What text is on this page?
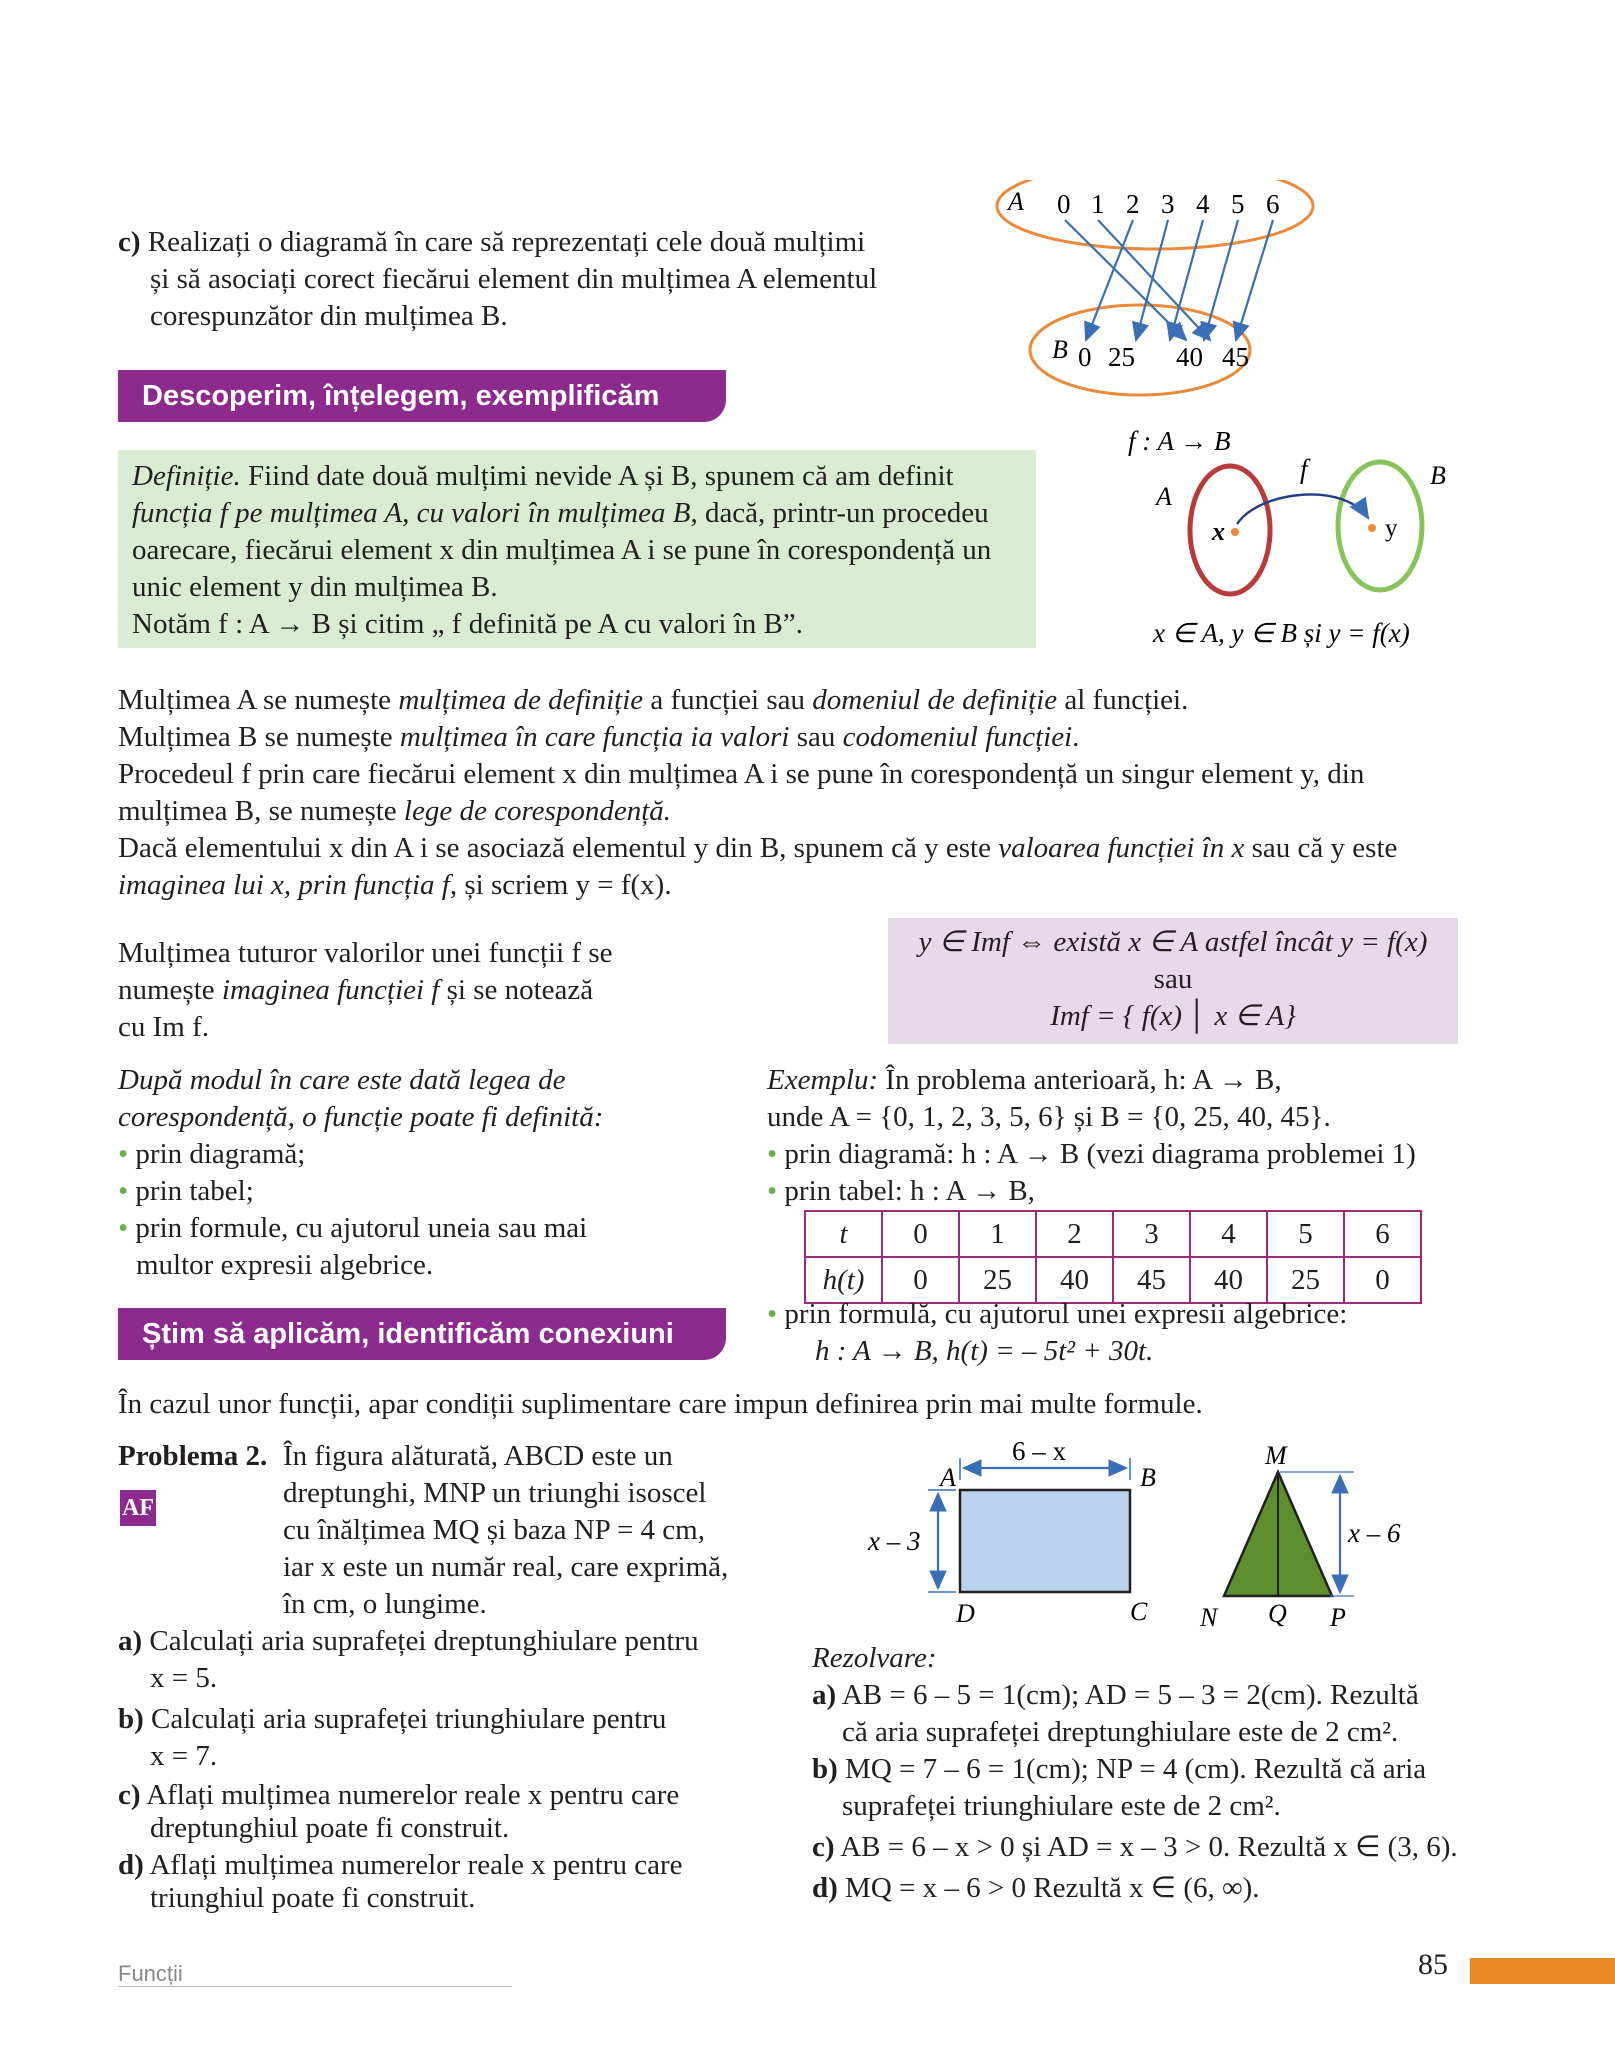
c) Realizați o diagramă în care să reprezentați cele două mulțimi

și să asociați corect fiecărui element din mulțimea A elementul

corespunzător din mulțimea B.

A
B
0 1 2 3 4 5 6
0 25 40 45
Descoperim, înțelegem, exemplificăm

Definiție. Fiind date două mulțimi nevide A și B, spunem că am definit

funcția f pe mulțimea A, cu valori în mulțimea B, dacă, printr-un procedeu

oarecare, fiecărui element x din mulțimea A i se pune în corespondență un

unic element y din mulțimea B.

Notăm f : A → B și citim „ f definită pe A cu valori în B”.

f : A → B
A
B
f
x	y
x ∈ A, y ∈ B și y = f(x)

Mulțimea A se numește mulțimea de definiție a funcției sau domeniul de definiție al funcției.

Mulțimea B se numește mulțimea în care funcția ia valori sau codomeniul funcției.

Procedeul f prin care fiecărui element x din mulțimea A i se pune în corespondență un singur element y, din

mulțimea B, se numește lege de corespondență.

Dacă elementului x din A i se asociază elementul y din B, spunem că y este valoarea funcției în x sau că y este

imaginea lui x, prin funcția f, și scriem y = f(x).

Mulțimea tuturor valorilor unei funcții f se

numește imaginea funcției f și se notează

cu Im f.

y ∈ Imf ⇔ există x ∈ A astfel încât y = f(x)

sau

Imf = { f(x) │ x ∈ A}

După modul în care este dată legea de

corespondență, o funcție poate fi definită:

• prin diagramă;

• prin tabel;

• prin formule, cu ajutorul uneia sau mai

multor expresii algebrice.

Exemplu: În problema anterioară, h: A → B,

unde A = {0, 1, 2, 3, 5, 6} și B = {0, 25, 40, 45}.

• prin diagramă: h : A → B (vezi diagrama problemei 1)

• prin tabel: h : A → B,

t	0	1	2	3	4	5	6
h(t)	0	25	40	45	40	25	0

• prin formulă, cu ajutorul unei expresii algebrice:

h : A → B, h(t) = – 5t² + 30t.

Știm să aplicăm, identificăm conexiuni
În cazul unor funcții, apar condiții suplimentare care impun definirea prin mai multe formule.
Problema 2.
AF

În figura alăturată, ABCD este un

dreptunghi, MNP un triunghi isoscel

cu înălțimea MQ și baza NP = 4 cm,

iar x este un număr real, care exprimă,

în cm, o lungime.

a) Calculați aria suprafeței dreptunghiulare pentru
x = 5.
b) Calculați aria suprafeței triunghiulare pentru
x = 7.
c) Aflați mulțimea numerelor reale x pentru care
dreptunghiul poate fi construit.
d) Aflați mulțimea numerelor reale x pentru care
triunghiul poate fi construit.
6 – x
x – 3
A	B
C
D
x – 6
M
N Q P

Rezolvare:

a) AB = 6 – 5 = 1(cm); AD = 5 – 3 = 2(cm). Rezultă
că aria suprafeței dreptunghiulare este de 2 cm².
b) MQ = 7 – 6 = 1(cm); NP = 4 (cm). Rezultă că aria
suprafeței triunghiulare este de 2 cm².
c) AB = 6 – x > 0 și AD = x – 3 > 0. Rezultă x ∈ (3, 6).
d) MQ = x – 6 > 0 Rezultă x ∈ (6, ∞).
Funcții	85
